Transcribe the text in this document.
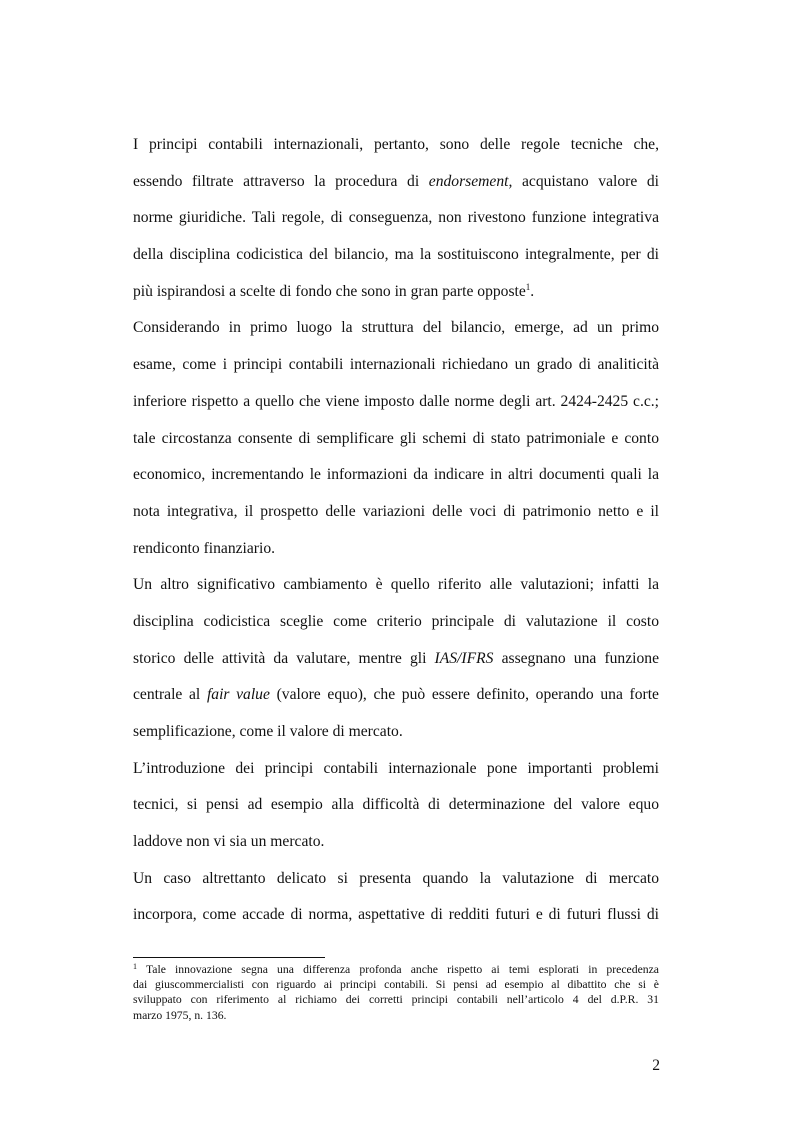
I principi contabili internazionali, pertanto, sono delle regole tecniche che,
essendo filtrate attraverso la procedura di endorsement, acquistano valore di
norme giuridiche. Tali regole, di conseguenza, non rivestono funzione integrativa
della disciplina codicistica del bilancio, ma la sostituiscono integralmente, per di
più ispirandosi a scelte di fondo che sono in gran parte opposte$^1$.
Considerando in primo luogo la struttura del bilancio, emerge, ad un primo
esame, come i principi contabili internazionali richiedano un grado di analiticità
inferiore rispetto a quello che viene imposto dalle norme degli art. 2424-2425 c.c.;
tale circostanza consente di semplificare gli schemi di stato patrimoniale e conto
economico, incrementando le informazioni da indicare in altri documenti quali la
nota integrativa, il prospetto delle variazioni delle voci di patrimonio netto e il
rendiconto finanziario.
Un altro significativo cambiamento è quello riferito alle valutazioni; infatti la
disciplina codicistica sceglie come criterio principale di valutazione il costo
storico delle attività da valutare, mentre gli IAS/IFRS assegnano una funzione
centrale al fair value (valore equo), che può essere definito, operando una forte
semplificazione, come il valore di mercato.
L’introduzione dei principi contabili internazionale pone importanti problemi
tecnici, si pensi ad esempio alla difficoltà di determinazione del valore equo
laddove non vi sia un mercato.
Un caso altrettanto delicato si presenta quando la valutazione di mercato
incorpora, come accade di norma, aspettative di redditi futuri e di futuri flussi di
$^1$ Tale innovazione segna una differenza profonda anche rispetto ai temi esplorati in precedenza
dai giuscommercialisti con riguardo ai principi contabili. Si pensi ad esempio al dibattito che si è
sviluppato con riferimento al richiamo dei corretti principi contabili nell’articolo 4 del d.P.R. 31
marzo 1975, n. 136.
2
